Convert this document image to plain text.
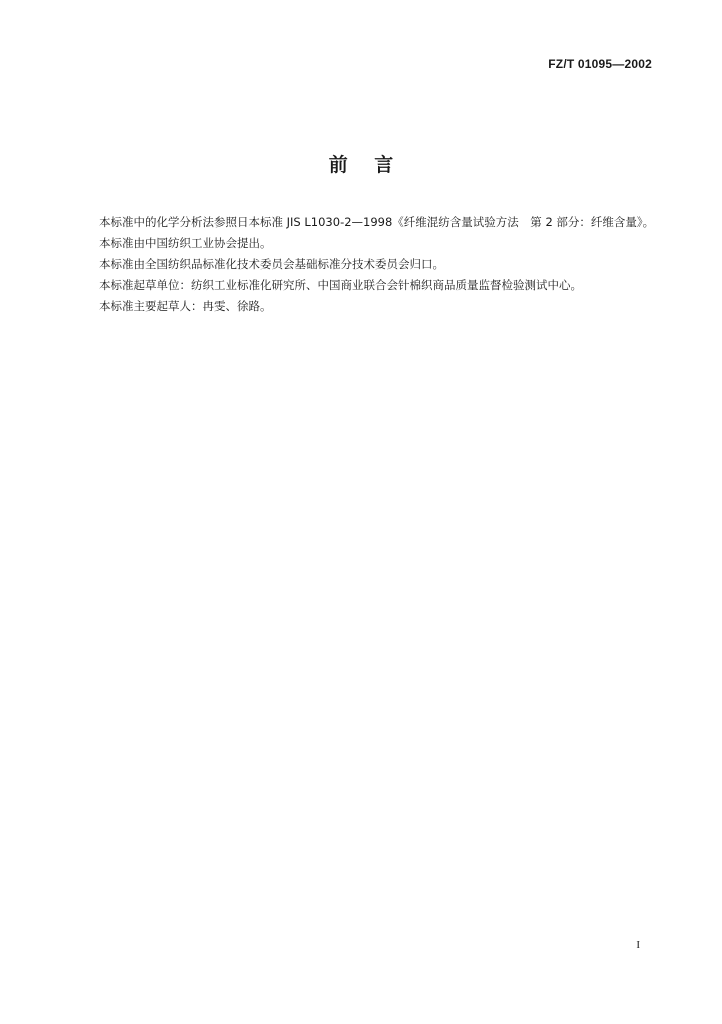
FZ/T 01095—2002
前    言

本标准中的化学分析法参照日本标准 JIS L1030-2—1998《纤维混纺含量试验方法　第 2 部分：纤维含量》。

本标准由中国纺织工业协会提出。

本标准由全国纺织品标准化技术委员会基础标准分技术委员会归口。

本标准起草单位：纺织工业标准化研究所、中国商业联合会针棉织商品质量监督检验测试中心。

本标准主要起草人：冉雯、徐路。

I
